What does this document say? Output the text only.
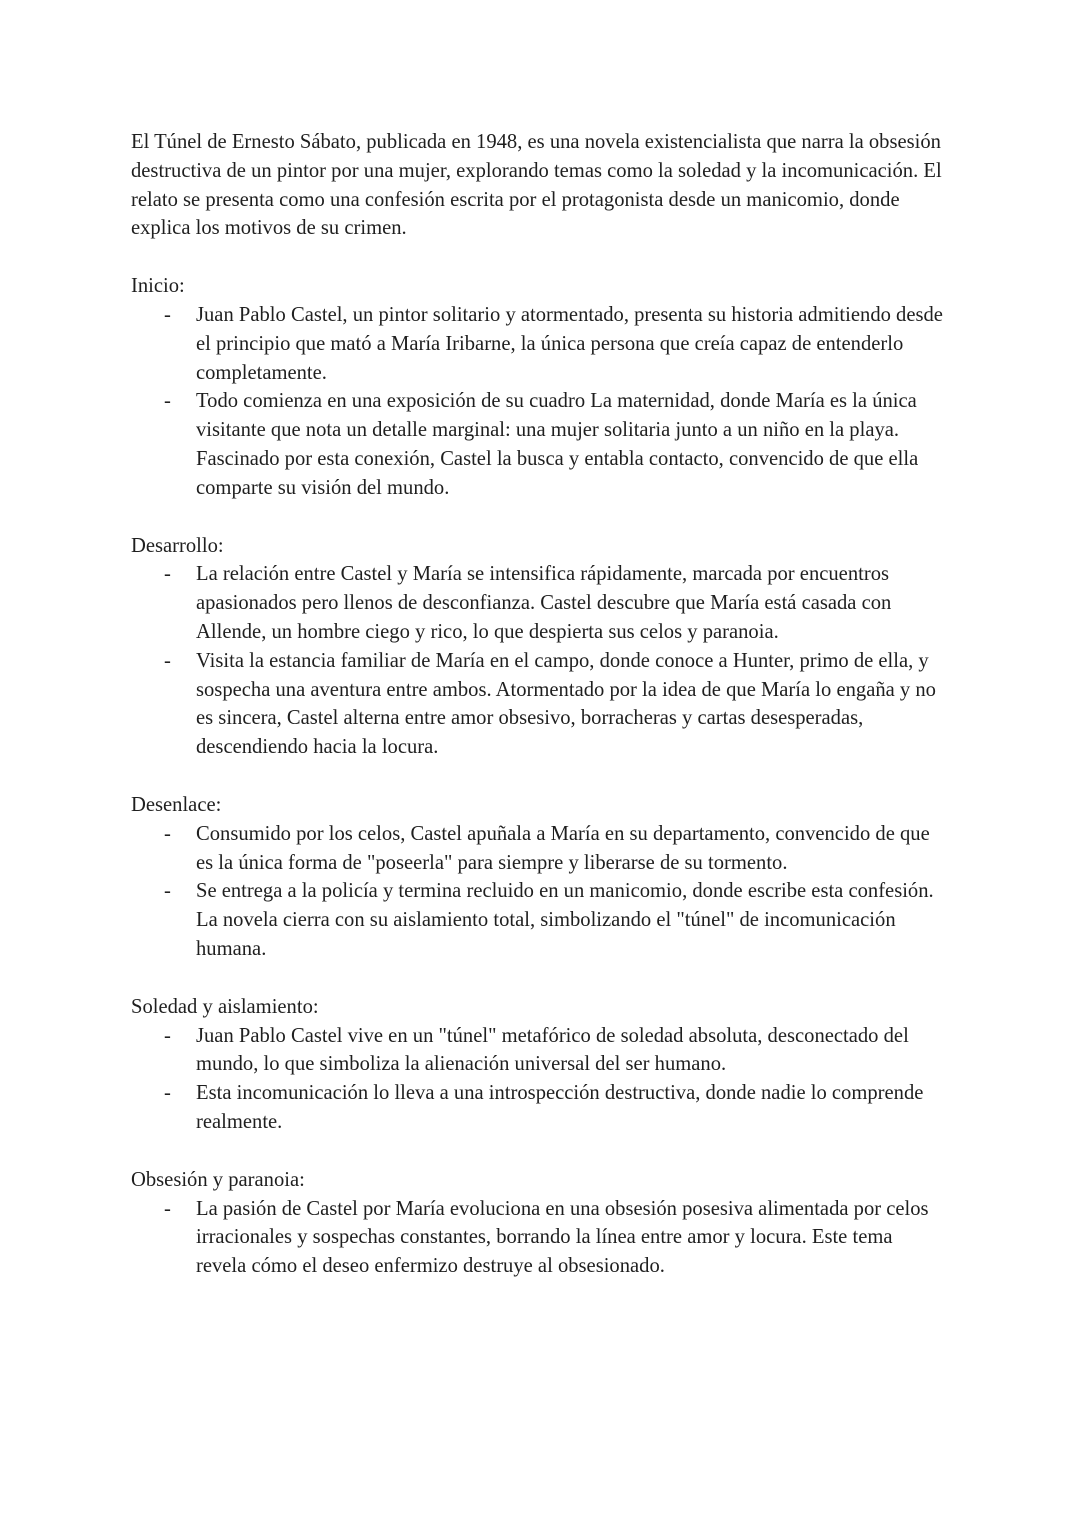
El Túnel de Ernesto Sábato, publicada en 1948, es una novela existencialista que narra la obsesión destructiva de un pintor por una mujer, explorando temas como la soledad y la incomunicación. El relato se presenta como una confesión escrita por el protagonista desde un manicomio, donde explica los motivos de su crimen.

Inicio:

- Juan Pablo Castel, un pintor solitario y atormentado, presenta su historia admitiendo desde el principio que mató a María Iribarne, la única persona que creía capaz de entenderlo completamente.
- Todo comienza en una exposición de su cuadro La maternidad, donde María es la única visitante que nota un detalle marginal: una mujer solitaria junto a un niño en la playa. Fascinado por esta conexión, Castel la busca y entabla contacto, convencido de que ella comparte su visión del mundo.

Desarrollo:

- La relación entre Castel y María se intensifica rápidamente, marcada por encuentros apasionados pero llenos de desconfianza. Castel descubre que María está casada con Allende, un hombre ciego y rico, lo que despierta sus celos y paranoia.
- Visita la estancia familiar de María en el campo, donde conoce a Hunter, primo de ella, y sospecha una aventura entre ambos. Atormentado por la idea de que María lo engaña y no es sincera, Castel alterna entre amor obsesivo, borracheras y cartas desesperadas, descendiendo hacia la locura.

Desenlace:

- Consumido por los celos, Castel apuñala a María en su departamento, convencido de que es la única forma de "poseerla" para siempre y liberarse de su tormento.
- Se entrega a la policía y termina recluido en un manicomio, donde escribe esta confesión. La novela cierra con su aislamiento total, simbolizando el "túnel" de incomunicación humana.

Soledad y aislamiento:

- Juan Pablo Castel vive en un "túnel" metafórico de soledad absoluta, desconectado del mundo, lo que simboliza la alienación universal del ser humano.
- Esta incomunicación lo lleva a una introspección destructiva, donde nadie lo comprende realmente.

Obsesión y paranoia:

- La pasión de Castel por María evoluciona en una obsesión posesiva alimentada por celos irracionales y sospechas constantes, borrando la línea entre amor y locura. Este tema revela cómo el deseo enfermizo destruye al obsesionado.
